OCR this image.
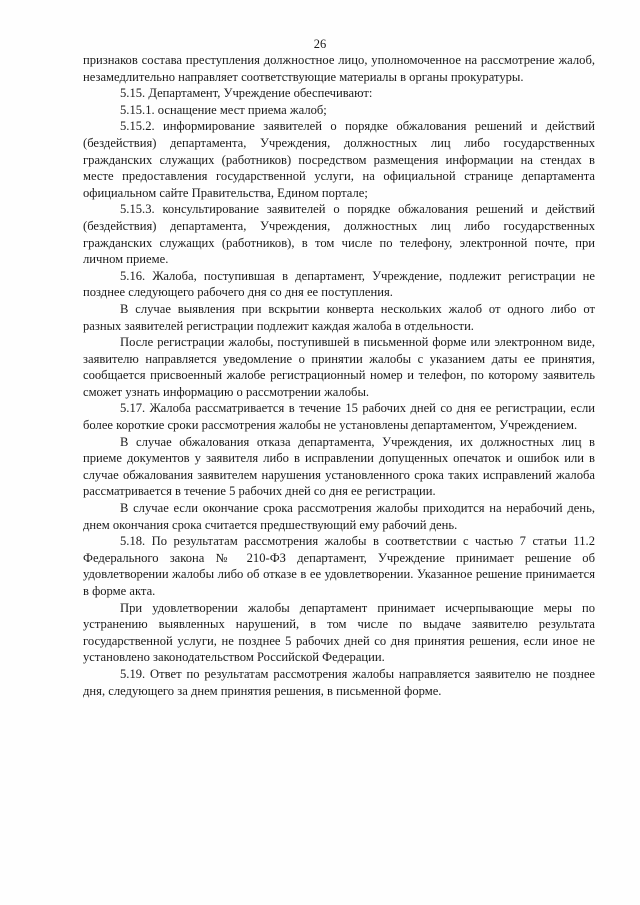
26

признаков состава преступления должностное лицо, уполномоченное на рассмотрение жалоб, незамедлительно направляет соответствующие материалы в органы прокуратуры.

5.15. Департамент, Учреждение обеспечивают:

5.15.1. оснащение мест приема жалоб;

5.15.2. информирование заявителей о порядке обжалования решений и действий (бездействия) департамента, Учреждения, должностных лиц либо государственных гражданских служащих (работников) посредством размещения информации на стендах в месте предоставления государственной услуги, на официальной странице департамента официальном сайте Правительства, Едином портале;

5.15.3. консультирование заявителей о порядке обжалования решений и действий (бездействия) департамента, Учреждения, должностных лиц либо государственных гражданских служащих (работников), в том числе по телефону, электронной почте, при личном приеме.

5.16. Жалоба, поступившая в департамент, Учреждение, подлежит регистрации не позднее следующего рабочего дня со дня ее поступления.

В случае выявления при вскрытии конверта нескольких жалоб от одного либо от разных заявителей регистрации подлежит каждая жалоба в отдельности.

После регистрации жалобы, поступившей в письменной форме или электронном виде, заявителю направляется уведомление о принятии жалобы с указанием даты ее принятия, сообщается присвоенный жалобе регистрационный номер и телефон, по которому заявитель сможет узнать информацию о рассмотрении жалобы.

5.17. Жалоба рассматривается в течение 15 рабочих дней со дня ее регистрации, если более короткие сроки рассмотрения жалобы не установлены департаментом, Учреждением.

В случае обжалования отказа департамента, Учреждения, их должностных лиц в приеме документов у заявителя либо в исправлении допущенных опечаток и ошибок или в случае обжалования заявителем нарушения установленного срока таких исправлений жалоба рассматривается в течение 5 рабочих дней со дня ее регистрации.

В случае если окончание срока рассмотрения жалобы приходится на нерабочий день, днем окончания срока считается предшествующий ему рабочий день.

5.18. По результатам рассмотрения жалобы в соответствии с частью 7 статьи 11.2 Федерального закона № 210-ФЗ департамент, Учреждение принимает решение об удовлетворении жалобы либо об отказе в ее удовлетворении. Указанное решение принимается в форме акта.

При удовлетворении жалобы департамент принимает исчерпывающие меры по устранению выявленных нарушений, в том числе по выдаче заявителю результата государственной услуги, не позднее 5 рабочих дней со дня принятия решения, если иное не установлено законодательством Российской Федерации.

5.19. Ответ по результатам рассмотрения жалобы направляется заявителю не позднее дня, следующего за днем принятия решения, в письменной форме.
